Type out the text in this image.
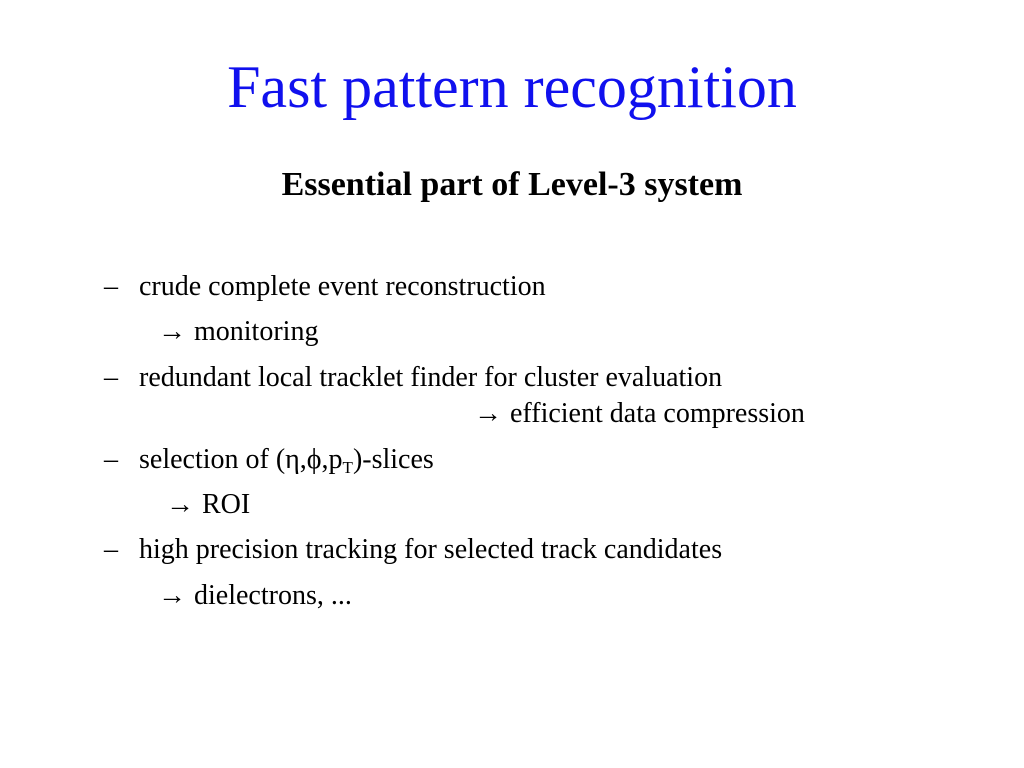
Fast pattern recognition
Essential part of Level-3 system
– crude complete event reconstruction
→ monitoring
– redundant local tracklet finder for cluster evaluation
→ efficient data compression
– selection of $(\eta,\phi,p_T)$-slices
→ ROI
– high precision tracking for selected track candidates
→ dielectrons, ...
